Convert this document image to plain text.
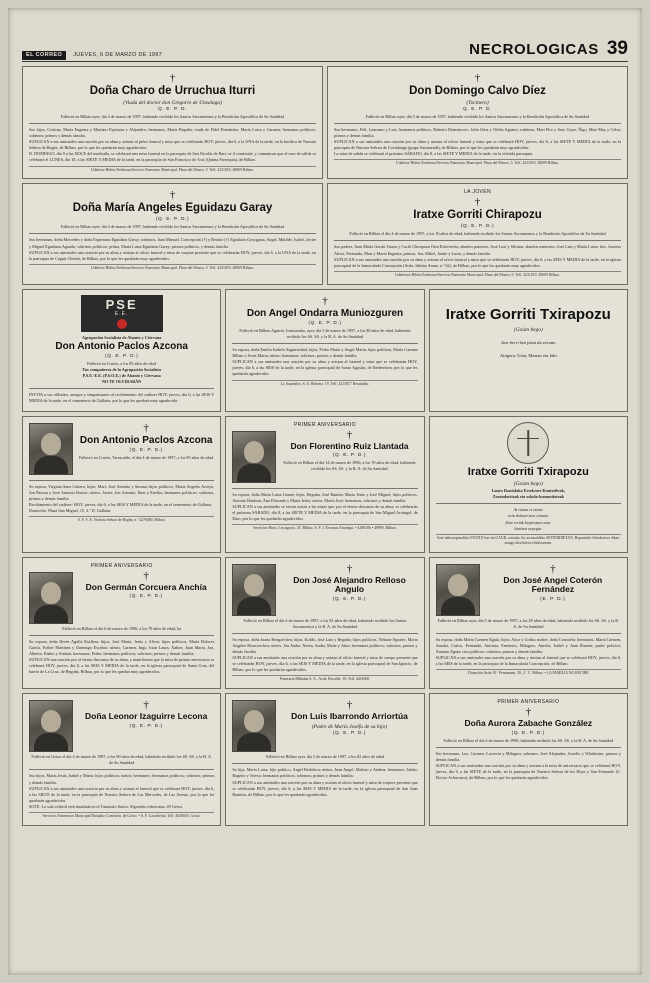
EL CORREO	JUEVES, 6 DE MARZO DE 1997	NECROLOGICAS 39
†
Doña Charo de Urruchua Iturri
(Viuda del doctor don Gregorio de Unzalaga)
Q. E. P. D.
Falleció en Bilbao ayer, día 2 de marzo de 1997, habiendo recibido los Santos Sacramentos y la Bendición Apostólica de Su Santidad
Sus hijos, Cristina, María Eugenia y Mariano Espinosa y Alejandro; hermanos, María Beguña; viuda de Fidel Fernández, María Luisa y Carmen; hermanos políticos; sobrinos; primos y demás familia.
SUPLICAN a sus amistades una oración por su alma y asistan al piézo funeral y misa que se celebrarán HOY, jueves, día 6, a la UNA de la tarde, en la basílica de Nuestra Señora de Begña, de Bilbao, por lo que les quedarán muy agradecidos.
D. DOMINGO, día 9 a las DOCE del mediodía, se celebrará una misa funeral en la parroquia de San Nicolás de Bari, se il continuóe, y comunican que el reza de salida se celebrará el LUNES, día 10, a las SIETE Y MEDIA de la tarde, en la parroquia de San Francisco de Asis (Quinta Parroquia), de Bilbao.
Udaletxe Hileta-Zerbitzua/Servicio Funerario Municipal. Plaza del Museo, 5. Telf. 4231018. 48009 Bilbao.
†
Don Domingo Calvo Díez
(Tocinero)
Q. E. P. D.
Falleció en Bilbao ayer, día 5 de marzo de 1997, habiendo recibido los Santos Sacramentos y la Bendición Apostólica de Su Santidad
Sus hermanos, Feli, Laureano y Luis; hermanos políticos, Roberto Domenicoic, Julia Ortiz y Ofelia Aguirre; sobrinos, Mari Flor y Ana; Goyo, Ñigo, Mari May y Celsa; primos y demás familia.
SUPLICAN a sus amistades una oración por su alma y asistan al oficio funeral y misa que se celebrará HOY, jueves, día 6, a las SIETE Y MEDIA de la tarde, en la parroquia de Nuestra Señora de Covadonga (grupo Saramendi), de Bilbao, por lo que les quedarán muy agradecidos.
La misa de salida se celebrará el próximo SÁBADO, día 8, a las SIETE Y MEDIA de la tarde, en la referida parroquia.
Udaletxe Hileta-Zerbitzua/Servicio Funerario Municipal. Plaza del Museo, 5. Telf. 4231018. 48009 Bilbao.
†
Doña María Angeles Eguidazu Garay
(Q. E. P. D.)
Falleció en Bilbao ayer, día 5 de marzo de 1997, habiendo recibido los Santos Sacramentos y la Bendición Apostólica de Su Santidad
Sus hermanas, doña Mercedes y doña Esperanza Eguidazu Garay; sobrinos, Juan Manuel, Concepción (†) y Beatriz (†) Eguidazu Goyogana, Angel, Matilde, Isabel, Javier y Miguel Eguidazu Aguado; sobrinos políticos; prima, María Luisa Eguidazu Garay; primos políticos, y demás familia.
SUPLICAN a sus amistades una oración por su alma y asistan al oficio funeral y misa de corpore presente que se celebrarán HOY, jueves, día 6, a la UNA de la tarde, en la parroquia de Ceguir Christó, de Bilbao, por lo que les quedarán muy agradecidos.
Udaletxe Hileta-Zerbitzua/Servicio Funerario Municipal. Plaza del Museo, 5. Telf. 4231018. 48009 Bilbao.
LA JOVEN
†
Iratxe Gorriti Chirapozu
(Q. E. P. D.)
Falleció en Bilbao el día 4 de marzo de 1997, a los 16 años de edad, habiendo recibido los Santos Sacramentos y la Bendición Apostólica de Su Santidad
Sus padres, Juan María Gorriti Tuazu y Cuchi Chirapozu Oria-Echeverría; abuelos paternos, José Luis y Silvana; abuelos maternos, José Luis y María Luisa; tíos, Joseous Alicia, Fernando, Mari y María Eugenia; primos, Jon, Mikel, Janire y Lucia, y demás familia.
SUPLICAN a sus amistades una oración por su alma y asistan al oficio funeral y misa que se celebrarán HOY, jueves, día 6, a las SEIS Y MEDIA de la tarde, en la iglesia parroquial de la Inmaculada Concepción (Avda. Sabino Arana, n.º 62), de Bilbao, por lo que les quedarán muy agradecidos.
Udaletxen Hileta-Zerbitzua/Servicio Funerario Municipal. Plaza del Museo, 5. Telf. 4231019. 48009 Bilbao.
PSE
E.E.
Agrupación Socialista de Abanto y Ciérvana
Don Antonio Paclos Azcona
(Q. E. P. D.)
Falleció en Cruées, a los 85 años de edad
Tus compañeros de la Agrupación Socialista
P.S.E.-E.E. (P.S.O.E.) de Abanto y Ciérvana
NO TE OLVIDARÁN
INVITA a sus afiliados, amigos y simpatizantes al recibimiento del cadáver HOY, jueves, día 6, a las SEIS Y MEDIA de la tarde, en el cementerio de Gallarta, por lo que les quedará muy agradecida.
†
Don Angel Ondarra Muniozguren
(Q. E. P. D.)
Falleció en Bilbao Aguirre, Irastorzako, ayer, día 5 de marzo de 1997, a los 80 años de edad, habiendo recibido los SS. SS. y la B. A. de Su Santidad
Su esposa, doña Emilia Isabelo Sagarrizabal; hijos, Pedro María y Angel María; hijas políticas, María Carmen Bilbao y Jesús María; nietos; hermanos; sobrinos; primos y demás familia.
SUPLICAN a sus amistades una oración por su alma y asistan al funeral y misa que se celebrarán HOY, jueves, día 6, a las SEIS de la tarde, en la iglesia parroquial de Santo Agustín, de Bederetxea, por lo que les quedarán agradecidos.
La Asamblea, S. A. Referna. 19. Telf. 4213017 Beranaldo.
Iratxe Gorriti Txirapozu
(Goian bego)
Izar berri bat piztu da zeruan
Aingeru, Unai, Marian eta Jabi
†
Don Antonio Paclos Azcona
(Q. E. P. D.)
Falleció en Cruées, Tarracaldo, el día 4 de marzo de 1997, a los 85 años de edad
Su esposa, Virginia Sanz Cubero; hijos, Marí, José Antonio y Susana; hijos políticos, María Angeles Arroyo, Jon Pascua y José Antonio Borrac; nietos, Javier, Jon Antonio, Ibon y Eneika; hermanos políticos; sobrinos, primos y demás familia.
Recibimiento del cadáver: HOY, jueves, día 6, a las SEIS Y MEDIA de la tarde, en el cementerio de Gallarta.
Domicilio: Plaza San Miguel, 15, 2.º D. Gallarta.
S. F. S. A. Nuestra Señora de Begña, n.º 4276080, Bilbao.
PRIMER ANIVERSARIO
†
Don Florentino Ruiz Llantada
(Q. E. P. D.)
Falleció en Bilbao el día 14 de marzo de 1996, a los 70 años de edad, habiendo recibido los SS. SS. y la B. A. de Su Santidad
Su esposa, doña María Luisa Garate; hijos, Beguña, José Ramón, María Jesús y José Miguel; hijos políticos, Antonio Bardoza, Ana Elizondo y María Jesús; nietos, María José; hermanos; sobrinos y demás familia.
SUPLICAN a sus amistades se sirvan asistir a las misas que, por el eterno descanso de su alma, se celebrarán el próximo SÁBADO, día 8, a las SIETE Y MEDIA de la tarde, en la parroquia de San Miguel Arcángel, de Dato, por lo que les quedarán agradecidos.
Servicios Hnos. Lecaigorio, 43. Bilbao. S. F. J. Terrazas Ariztegui. • 4296186 • 48999, Bilbao.
Iratxe Gorriti Txirapozu
(Goian bego)
Lauro Ikastolako Errektore Kontseilvak,
Zuzendaritzak eta eskola-komunitateak
At rixtan et txotse
zein doluan zten oinazie
Zure irriak begiratzen nau-
bizitzea arpegia.
Sare adierazpenaldia OTOITZ-bat eta GAUR, ostirala, 6a, arratsaldeko SEITERDIETAN, Bapartizko lehiakoetxe elkart izango dira hileta-elizkizunean.
PRIMER ANIVERSARIO
†
Don Germán Corcuera Anchía
(Q. E. P. D.)
Falleció en Bilbao el día 6 de marzo de 1996, a los 78 años de edad, ha
Su esposa, doña Dorés Agulla Kuillera; hijos, José María, Jesús y Alicia; hijos políticos, María Dolores García, Esther Martínez y Domingo Escobar; nietos, Carmen, Ingo, Irian Laura, Xabier, Juan María, Jon, Alberto, Eneko y Andoni, hermanos, Pedro; hermanos políticos; sobrinos; primos y demás familia.
SUPLICAN una oración por el eterno descanso de su alma, y manifiestan que la misa de primer aniversario se celebrará HOY, jueves, día 6, a las SEIS Y MEDIA de la tarde, en la iglesia parroquial de Santa Cruz, del barrio de La Cruz, de Beguña, Bilbao, por lo que les quedan muy agradecidos.
†
Don José Alejandro Relloso Angulo
(Q. E. P. D.)
Falleció en Bilbao el día 4 de marzo de 1997, a los 81 años de edad, habiendo recibido los Santos Sacramentos y la B. A. de Su Santidad
Su esposa, doña Juana Bengoechea; hijos, Koldo, José Luis y Beguña; hijos políticos, Nekane Aguirre, María Angeles Beascoechea; nietos, Jon Ander, Nerea, Ander, Maite y Aitor; hermanos políticos; sobrinos; primos y demás familia.
SUPLICAN a sus amistades una oración por su alma y asistan al oficio funeral y misa de cuerpo presente que se celebrarán HOY, jueves, día 6, a las SEIS Y MEDIA de la tarde, en la iglesia parroquial de San Ignacio, de Bilbao, por lo que les quedarán agradecidos.
Funeraria Bilbaina S. A., Avda. Recalde, 10. Telf. 4441060.
†
Don José Angel Coterón Fernández
(E. P. D.)
Falleció en Bilbao ayer, día 5 de marzo de 1997, a los 49 años de edad, habiendo recibido los SS. SS. y la B. A. de Su Santidad
Su esposa, doña María Carmen Eguía; hijos, Aitor y Gorka; madre, doña Consuelo; hermanos, María Carmen, Amalia, Carlos, Fernando, Antonio, Emeterio, Milagros, Amelia, Isabel y Juan Ramón; padre político; Antonio Eguía; tios políticos; sobrinos; primos y demás familia.
SUPLICAN a sus amistades una oración por su alma y asistan al funeral que se celebrará HOY, jueves, día 6, a las SEIS de la tarde, en la parroquia de la Inmaculada Concepción, de Bilbao.
Donación Avda. B.º Pensament, 28, 2.º C. Bilbao. • LA FAMILIA NO RECIBE
†
Doña Leonor Izaguirre Lecona
(Q. E. P. D.)
Falleció en Getxo el día 4 de marzo de 1997, a los 90 años de edad, habiendo recibido los SS. SS. y la B. A. de Su Santidad
Sus hijos, María Jesús, Isabel y María; hijos políticos; nietos; hermanos; hermanos políticos; sobrinos; primos y demás familia.
SUPLICAN a sus amistades una oración por su alma y asistan al funeral que se celebrará HOY, jueves, día 6, a las SIETE de la tarde, en la parroquia de Nuestra Señora de Las Mercedes, de Las Arenas, por lo que les quedarán agradecidos.
SOTE: La sala veláctil está instalada en el Tanatorio Sarria. Algorteko eskerraiaa, 49 Getxo.
Servicios Funerarios Municipal Bizkaiko Conexión, de Getxo. • A. F. Larrabeitia. Telf. 4630045. Getxo.
†
Don Luis Ibarrondo Arriortúa
(Padre de María Joséfa de su hijo)
(Q. E. P. D.)
Falleció en Bilbao ayer, día 5 de marzo de 1997, a los 82 años de edad
Su hija, María Luisa; hijo político, Angel Redoleca; nietos, Juan Angel, Maloso y Andrea; hermanos; Julián; Rogeíto y Teresa; hermanos políticos; sobrinos; primos y demás familia.
SUPLICAN a sus amistades una oración por su alma y asistan al oficio funeral y misa de corpore presente que se celebrarán HOY, jueves, día 6, a las SEIS Y MEDIA de la tarde, en la iglesia parroquial de San Juan Bautista, de Bilbao, por lo que les quedarán agradecidos.
PRIMER ANIVERSARIO
†
Doña Aurora Zabache González
(Q. E. P. D.)
Falleció en Bilbao el día 6 de marzo de 1996, habiendo recibido los SS. SS. y la B. A. de Su Santidad
Sus hermanas, Luz, Carmen, Lucrecia y Milagros; sobrinos, José Alejandro, Aurelio y Wladimiro; primos y demás familia.
SUPLICAN a sus amistades una oración por su alma y asistan a la misa de aniversario que se celebrará HOY, jueves, día 6, a las SIETE de la tarde, en la parroquia de Nuestra Señora de los Hijos y San Fernando (C. Doctor Achucarro), de Bilbao, por lo que les quedarán agradecidos.
